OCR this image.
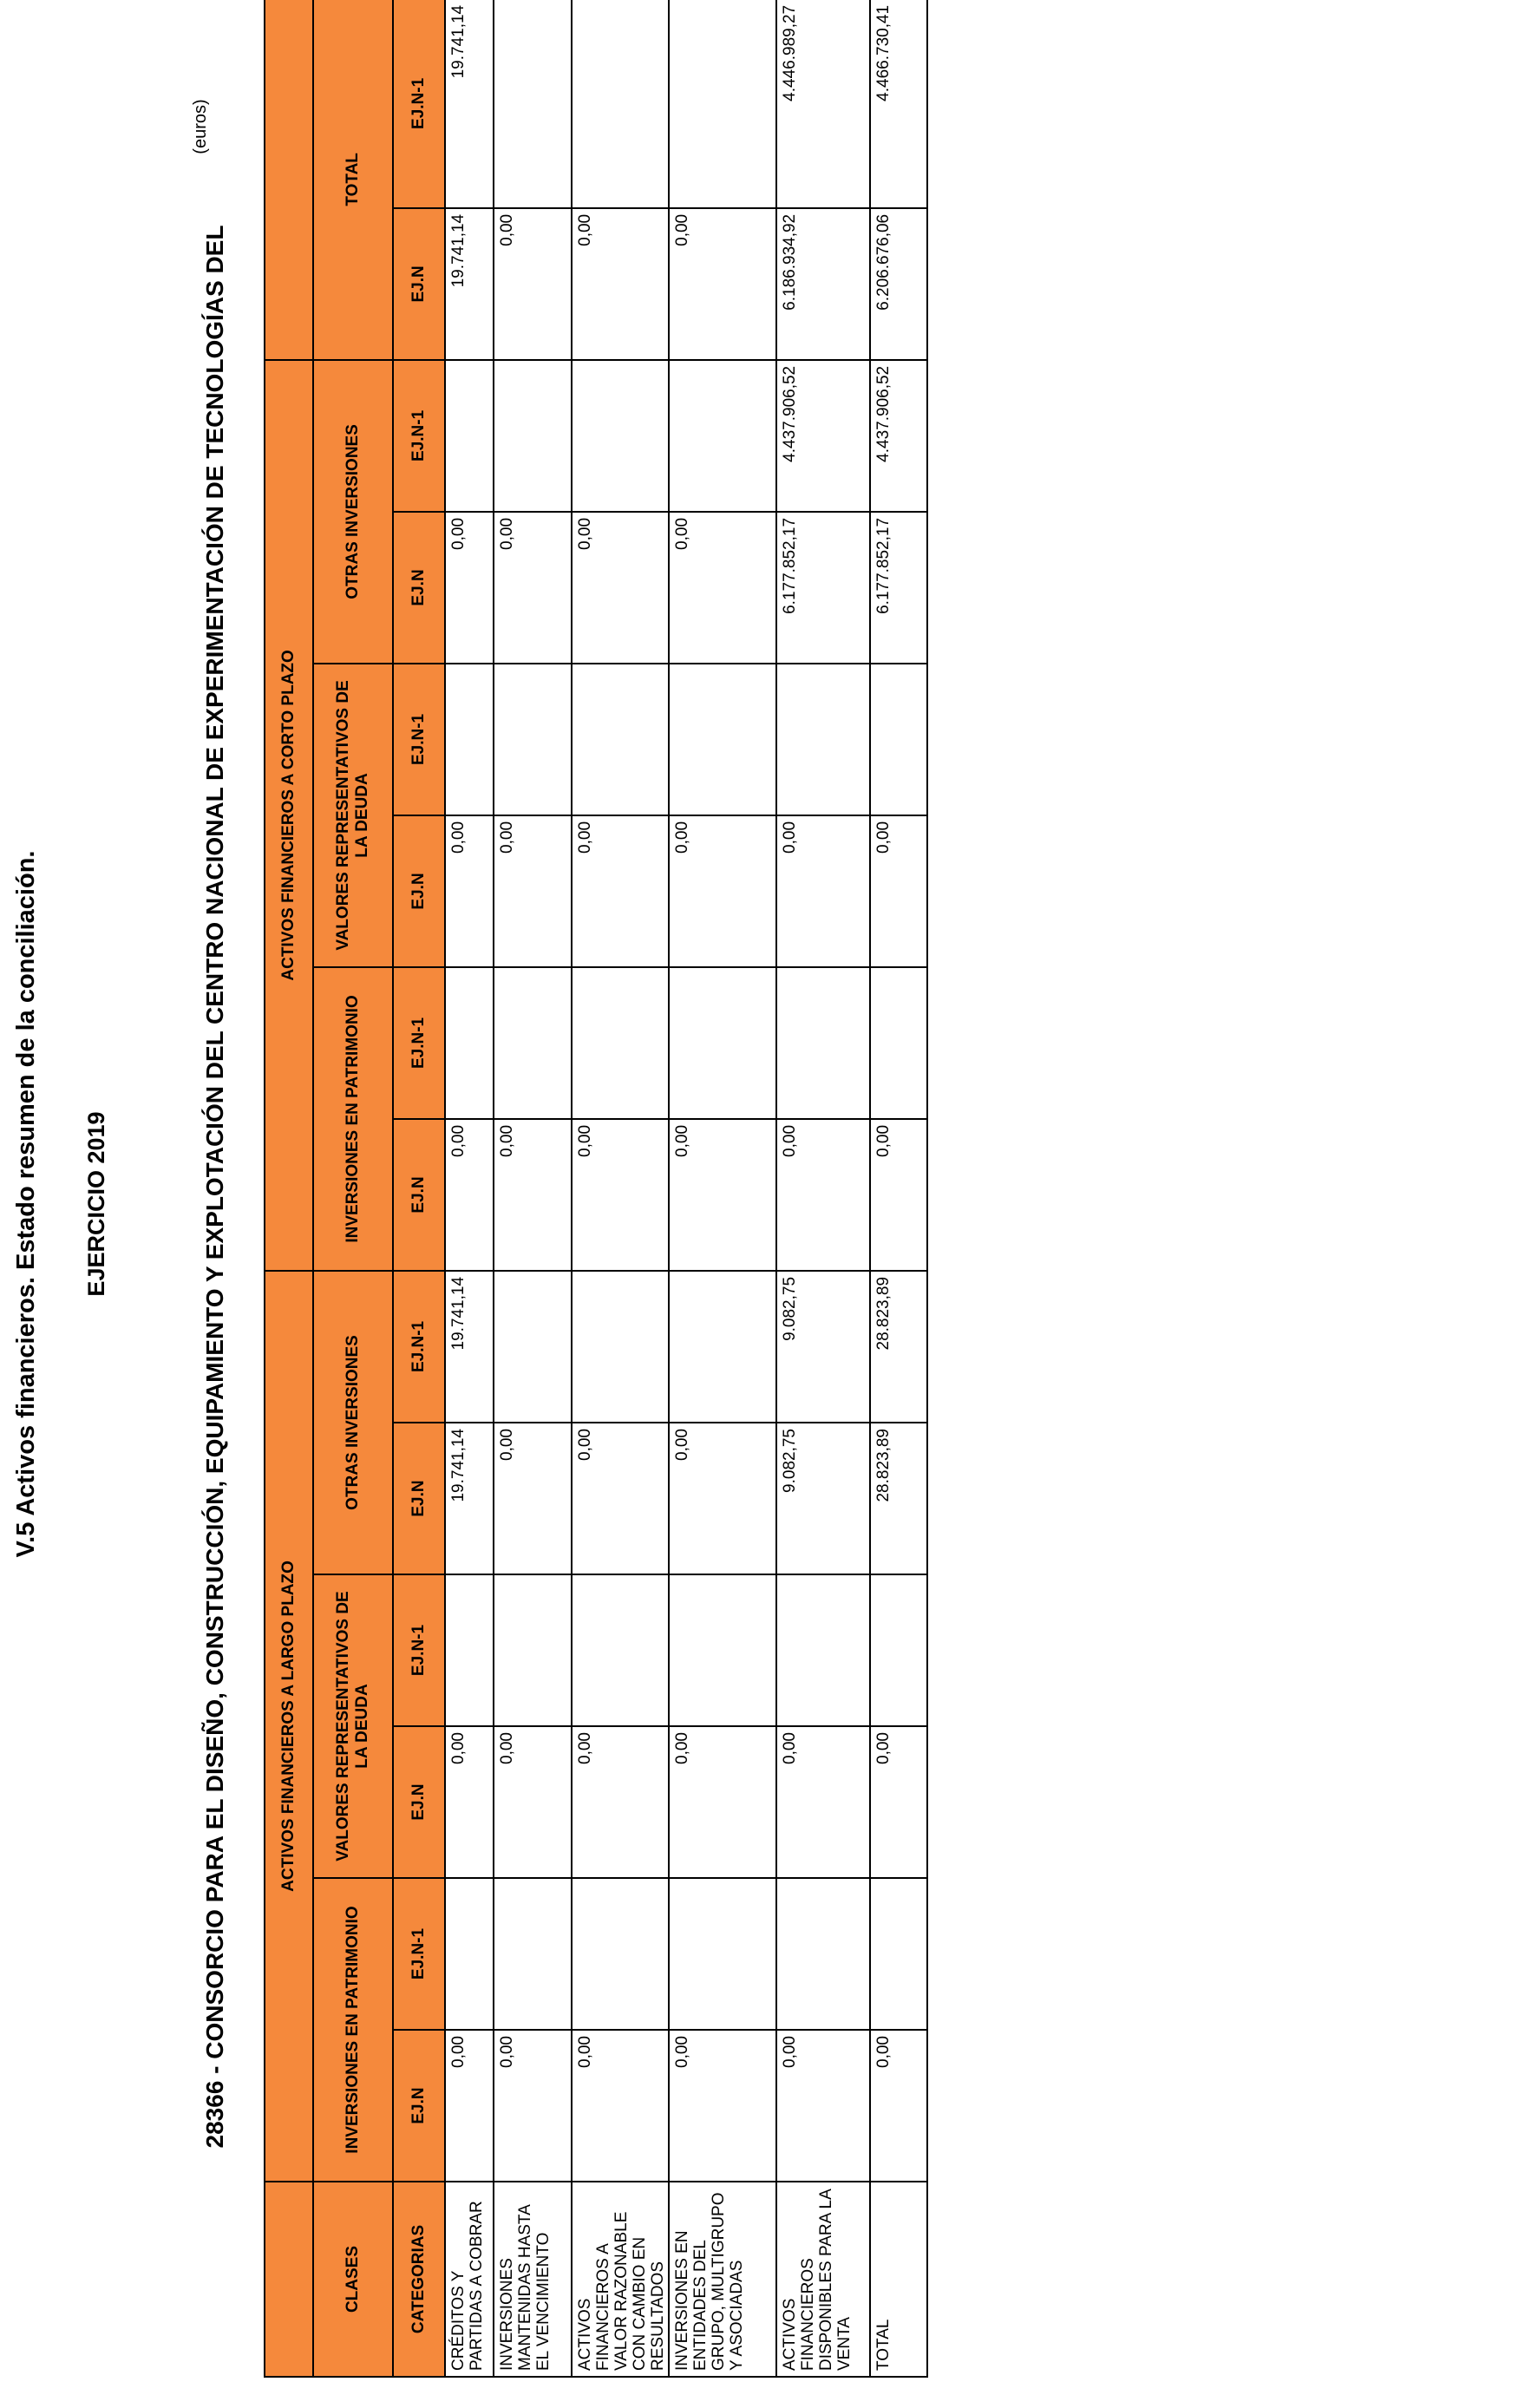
V.5 Activos financieros. Estado resumen de la conciliación. EJERCICIO 2019	28366 - CONSORCIO PARA EL DISEÑO, CONSTRUCCIÓN, EQUIPAMIENTO Y EXPLOTACIÓN DEL CENTRO NACIONAL DE EXPERIMENTACIÓN DE TECNOLOGÍAS DEL
(euros)
	ACTIVOS FINANCIEROS A LARGO PLAZO						ACTIVOS FINANCIEROS A CORTO PLAZO							
CLASES	INVERSIONES EN PATRIMONIO		VALORES REPRESENTATIVOS DE LA DEUDA		OTRAS INVERSIONES		INVERSIONES EN PATRIMONIO		VALORES REPRESENTATIVOS DE LA DEUDA		OTRAS INVERSIONES		TOTAL	
CATEGORIAS	EJ.N	EJ.N-1	EJ.N	EJ.N-1	EJ.N	EJ.N-1	EJ.N	EJ.N-1	EJ.N	EJ.N-1	EJ.N	EJ.N-1	EJ.N	EJ.N-1
CRÉDITOS Y PARTIDAS A COBRAR	0,00		0,00		19.741,14	19.741,14	0,00		0,00		0,00		19.741,14	19.741,14
INVERSIONES MANTENIDAS HASTA EL VENCIMIENTO	0,00		0,00		0,00		0,00		0,00		0,00		0,00	
ACTIVOS FINANCIEROS A VALOR RAZONABLE CON CAMBIO EN RESULTADOS	0,00		0,00		0,00		0,00		0,00		0,00		0,00	
INVERSIONES EN ENTIDADES DEL GRUPO, MULTIGRUPO Y ASOCIADAS	0,00		0,00		0,00		0,00		0,00		0,00		0,00	
ACTIVOS FINANCIEROS DISPONIBLES PARA LA VENTA	0,00		0,00		9.082,75	9.082,75	0,00		0,00		6.177.852,17	4.437.906,52	6.186.934,92	4.446.989,27
TOTAL	0,00		0,00		28.823,89	28.823,89	0,00		0,00		6.177.852,17	4.437.906,52	6.206.676,06	4.466.730,41
